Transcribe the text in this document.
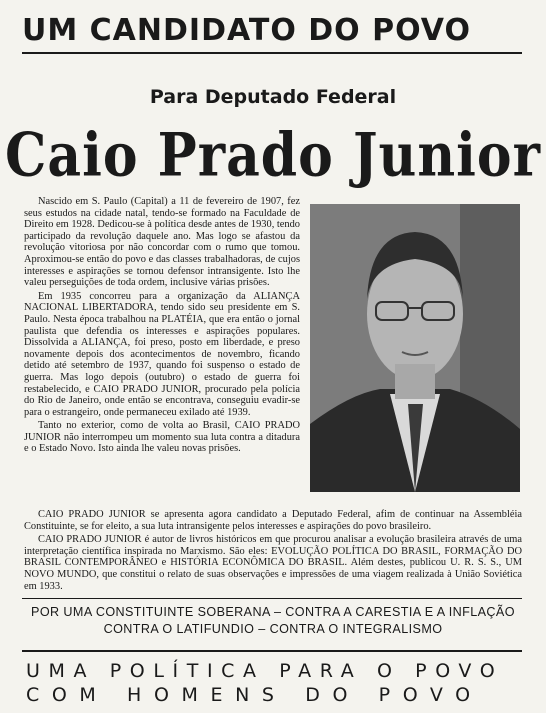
UM CANDIDATO DO POVO
Para Deputado Federal
Caio Prado Junior

Nascido em S. Paulo (Capital) a 11 de fevereiro de 1907, fez seus estudos na cidade natal, tendo-se formado na Faculdade de Direito em 1928. Dedicou-se à política desde antes de 1930, tendo participado da revolução daquele ano. Mas logo se afastou da revolução vitoriosa por não concordar com o rumo que tomou. Aproximou-se então do povo e das classes trabalhadoras, de cujos interesses e aspirações se tornou defensor intransigente. Isto lhe valeu perseguições de toda ordem, inclusive várias prisões.

Em 1935 concorreu para a organização da ALIANÇA NACIONAL LIBERTADORA, tendo sido seu presidente em S. Paulo. Nesta época trabalhou na PLATÉIA, que era então o jornal paulista que defendia os interesses e aspirações populares. Dissolvida a ALIANÇA, foi preso, posto em liberdade, e preso novamente depois dos acontecimentos de novembro, ficando detido até setembro de 1937, quando foi suspenso o estado de guerra. Mas logo depois (outubro) o estado de guerra foi restabelecido, e CAIO PRADO JUNIOR, procurado pela polícia do Rio de Janeiro, onde então se encontrava, conseguiu evadir-se para o estrangeiro, onde permaneceu exilado até 1939.

Tanto no exterior, como de volta ao Brasil, CAIO PRADO JUNIOR não interrompeu um momento sua luta contra a ditadura e o Estado Novo. Isto ainda lhe valeu novas prisões.

CAIO PRADO JUNIOR se apresenta agora candidato a Deputado Federal, afim de continuar na Assembléia Constituinte, se for eleito, a sua luta intransigente pelos interesses e aspirações do povo brasileiro.

CAIO PRADO JUNIOR é autor de livros históricos em que procurou analisar a evolução brasileira através de uma interpretação científica inspirada no Marxismo. São eles: EVOLUÇÃO POLÍTICA DO BRASIL, FORMAÇÃO DO BRASIL CONTEMPORÂNEO e HISTÓRIA ECONÔMICA DO BRASIL. Além destes, publicou U. R. S. S., UM NOVO MUNDO, que constitui o relato de suas observações e impressões de uma viagem realizada à União Soviética em 1933.

POR UMA CONSTITUINTE SOBERANA – CONTRA A CARESTIA E A INFLAÇÃO
CONTRA O LATIFUNDIO – CONTRA O INTEGRALISMO
UMA POLÍTICA PARA O POVO
COM HOMENS DO POVO
